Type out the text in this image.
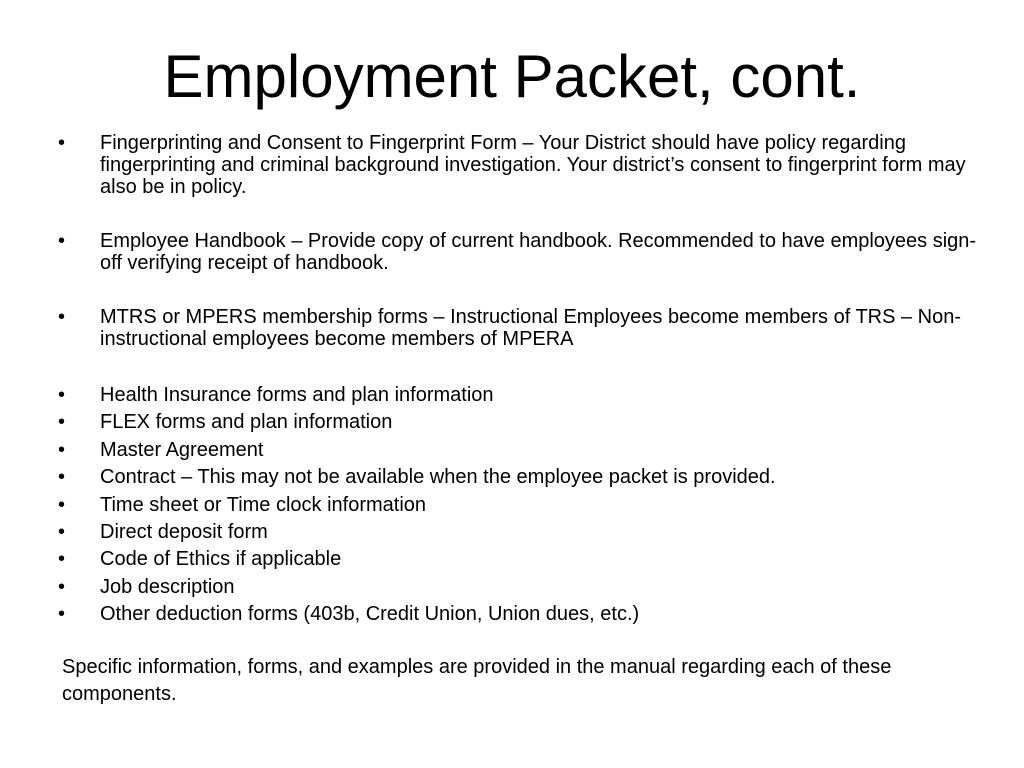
Employment Packet, cont.
•	Fingerprinting and Consent to Fingerprint Form – Your District should have policy regarding fingerprinting and criminal background investigation. Your district’s consent to fingerprint form may also be in policy.
•	Employee Handbook – Provide copy of current handbook. Recommended to have employees sign-off verifying receipt of handbook.
•	MTRS or MPERS membership forms – Instructional Employees become members of TRS – Non-instructional employees become members of MPERA
•	Health Insurance forms and plan information
•	FLEX forms and plan information
•	Master Agreement
•	Contract – This may not be available when the employee packet is provided.
•	Time sheet or Time clock information
•	Direct deposit form
•	Code of Ethics if applicable
•	Job description
•	Other deduction forms (403b, Credit Union, Union dues, etc.)

Specific information, forms, and examples are provided in the manual regarding each of these components.
